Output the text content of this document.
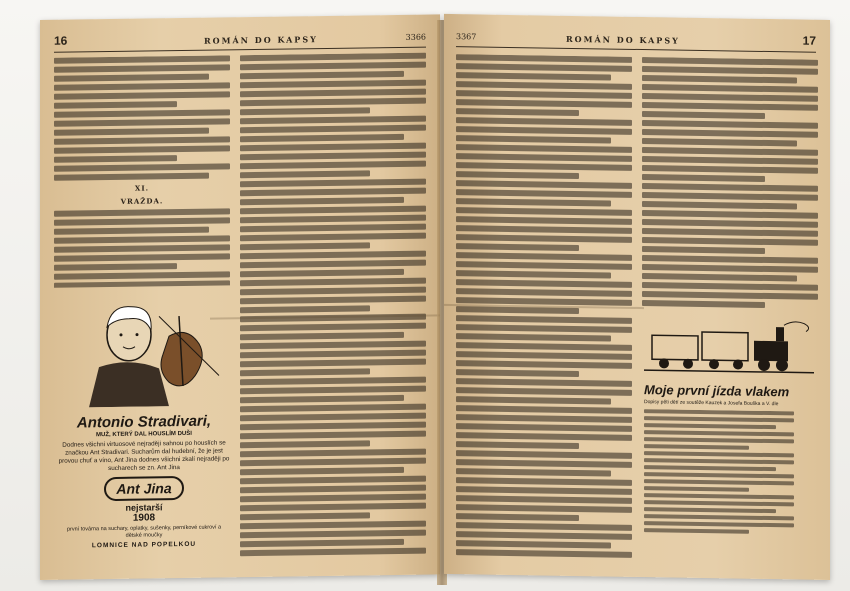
16	ROMÁN DO KAPSY	3366
XI.
VRAŽDA.
Antonio Stradivari,
MUŽ, KTERÝ DAL HOUSLÍM DUŠI
Dodnes všichni virtuosové nejraději sahnou po houslích se značkou Ant Stradivari. Sucharům dal hudební, že je jest provou chuť a víno, Ant Jina dodnes všichni zkalí nejraději po sucharech se zn. Ant Jina
Ant Jina
nejstarší
1908
první továrna na suchary, oplatky, sušenky, perníkové cukroví a dětské moučky
LOMNICE NAD POPELKOU
3367	ROMÁN DO KAPSY	17
Moje první jízda vlakem
Dopisy pěti dětí ze soutěže Kauzek a Josefa Bouška a V. dle
